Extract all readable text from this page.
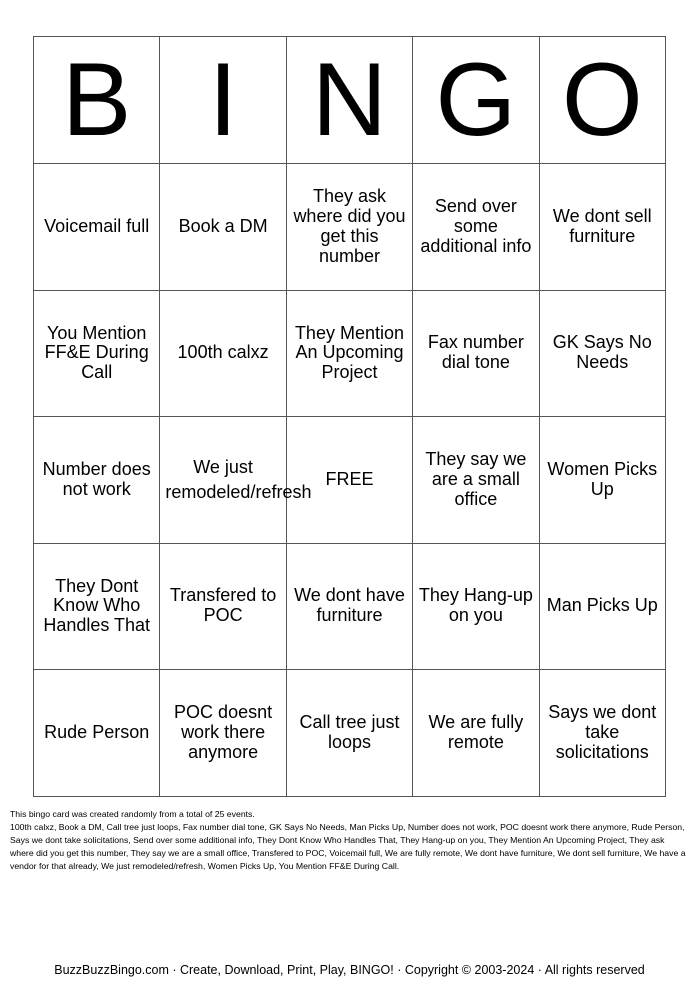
B	I	N	G	O
Voicemail full	Book a DM	They ask where did you get this number	Send over some additional info	We dont sell furniture
You Mention FF&E During Call	100th calxz	They Mention An Upcoming Project	Fax number dial tone	GK Says No Needs
Number does not work	We just remodeled/refresh	FREE	They say we are a small office	Women Picks Up
They Dont Know Who Handles That	Transfered to POC	We dont have furniture	They Hang-up on you	Man Picks Up
Rude Person	POC doesnt work there anymore	Call tree just loops	We are fully remote	Says we dont take solicitations

This bingo card was created randomly from a total of 25 events.

100th calxz, Book a DM, Call tree just loops, Fax number dial tone, GK Says No Needs, Man Picks Up, Number does not work, POC doesnt work there anymore, Rude Person, Says we dont take solicitations, Send over some additional info, They Dont Know Who Handles That, They Hang-up on you, They Mention An Upcoming Project, They ask where did you get this number, They say we are a small office, Transfered to POC, Voicemail full, We are fully remote, We dont have furniture, We dont sell furniture, We have a vendor for that already, We just remodeled/refresh, Women Picks Up, You Mention FF&E During Call.

BuzzBuzzBingo.com · Create, Download, Print, Play, BINGO! · Copyright © 2003-2024 · All rights reserved
